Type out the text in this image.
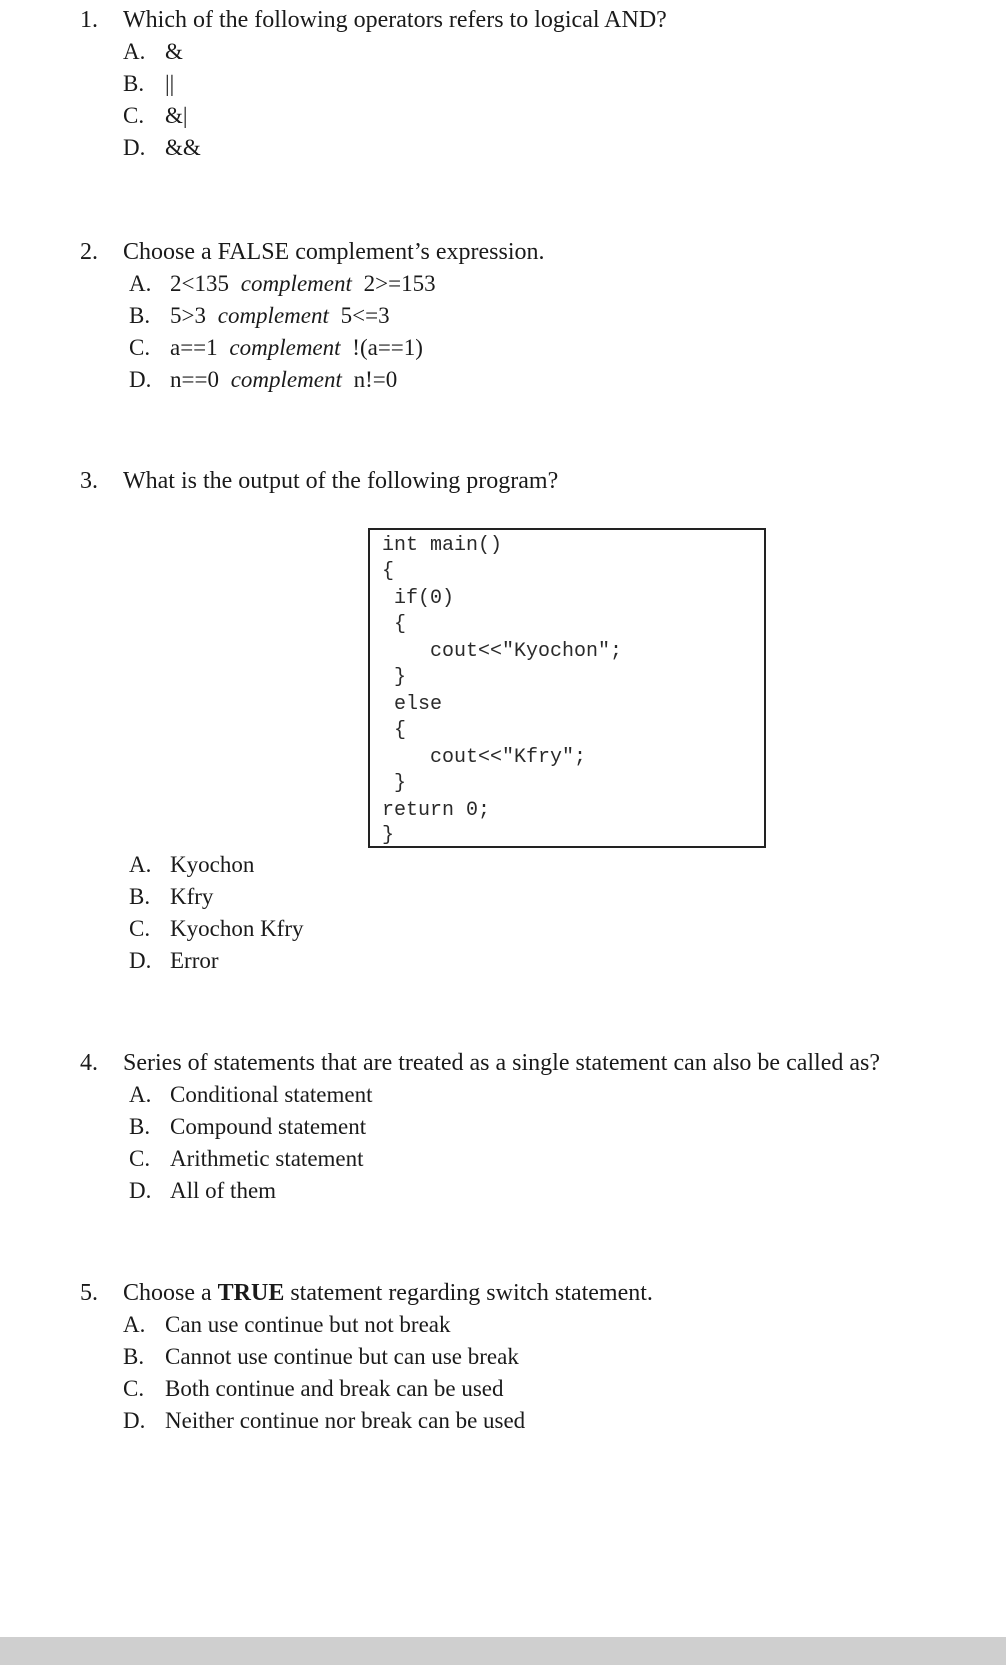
1. Which of the following operators refers to logical AND?
A. &
B. ||
C. &|
D. &&
2. Choose a FALSE complement’s expression.
A. 2<135 complement 2>=153
B. 5>3 complement 5<=3
C. a==1 complement !(a==1)
D. n==0 complement n!=0
3. What is the output of the following program?
int main()
{
if(0)
{
cout<<"Kyochon";
}
else
{
cout<<"Kfry";
}
return 0;
}
A. Kyochon
B. Kfry
C. Kyochon Kfry
D. Error
4. Series of statements that are treated as a single statement can also be called as?
A. Conditional statement
B. Compound statement
C. Arithmetic statement
D. All of them
5. Choose a TRUE statement regarding switch statement.
A. Can use continue but not break
B. Cannot use continue but can use break
C. Both continue and break can be used
D. Neither continue nor break can be used
